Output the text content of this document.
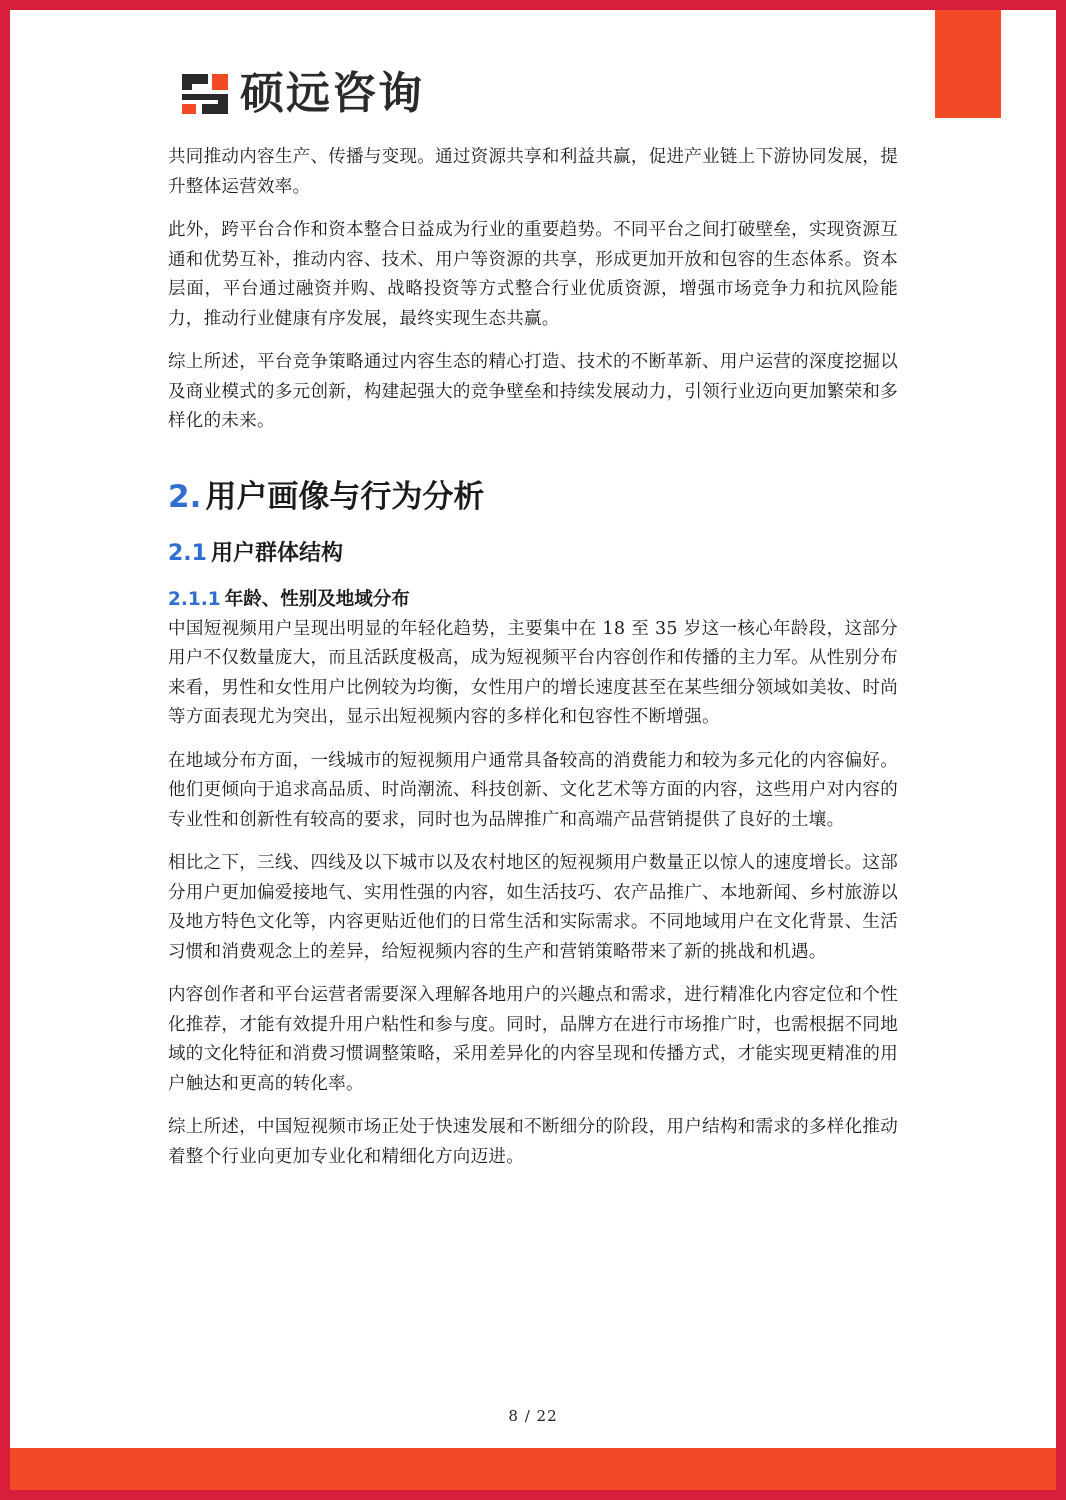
硕远咨询

共同推动内容生产、传播与变现。通过资源共享和利益共赢，促进产业链上下游协同发展，提升整体运营效率。

此外，跨平台合作和资本整合日益成为行业的重要趋势。不同平台之间打破壁垒，实现资源互通和优势互补，推动内容、技术、用户等资源的共享，形成更加开放和包容的生态体系。资本层面，平台通过融资并购、战略投资等方式整合行业优质资源，增强市场竞争力和抗风险能力，推动行业健康有序发展，最终实现生态共赢。

综上所述，平台竞争策略通过内容生态的精心打造、技术的不断革新、用户运营的深度挖掘以及商业模式的多元创新，构建起强大的竞争壁垒和持续发展动力，引领行业迈向更加繁荣和多样化的未来。

2. 用户画像与行为分析
2.1 用户群体结构
2.1.1 年龄、性别及地域分布

中国短视频用户呈现出明显的年轻化趋势，主要集中在 18 至 35 岁这一核心年龄段，这部分用户不仅数量庞大，而且活跃度极高，成为短视频平台内容创作和传播的主力军。从性别分布来看，男性和女性用户比例较为均衡，女性用户的增长速度甚至在某些细分领域如美妆、时尚等方面表现尤为突出，显示出短视频内容的多样化和包容性不断增强。

在地域分布方面，一线城市的短视频用户通常具备较高的消费能力和较为多元化的内容偏好。他们更倾向于追求高品质、时尚潮流、科技创新、文化艺术等方面的内容，这些用户对内容的专业性和创新性有较高的要求，同时也为品牌推广和高端产品营销提供了良好的土壤。

相比之下，三线、四线及以下城市以及农村地区的短视频用户数量正以惊人的速度增长。这部分用户更加偏爱接地气、实用性强的内容，如生活技巧、农产品推广、本地新闻、乡村旅游以及地方特色文化等，内容更贴近他们的日常生活和实际需求。不同地域用户在文化背景、生活习惯和消费观念上的差异，给短视频内容的生产和营销策略带来了新的挑战和机遇。

内容创作者和平台运营者需要深入理解各地用户的兴趣点和需求，进行精准化内容定位和个性化推荐，才能有效提升用户粘性和参与度。同时，品牌方在进行市场推广时，也需根据不同地域的文化特征和消费习惯调整策略，采用差异化的内容呈现和传播方式，才能实现更精准的用户触达和更高的转化率。

综上所述，中国短视频市场正处于快速发展和不断细分的阶段，用户结构和需求的多样化推动着整个行业向更加专业化和精细化方向迈进。

8 / 22
